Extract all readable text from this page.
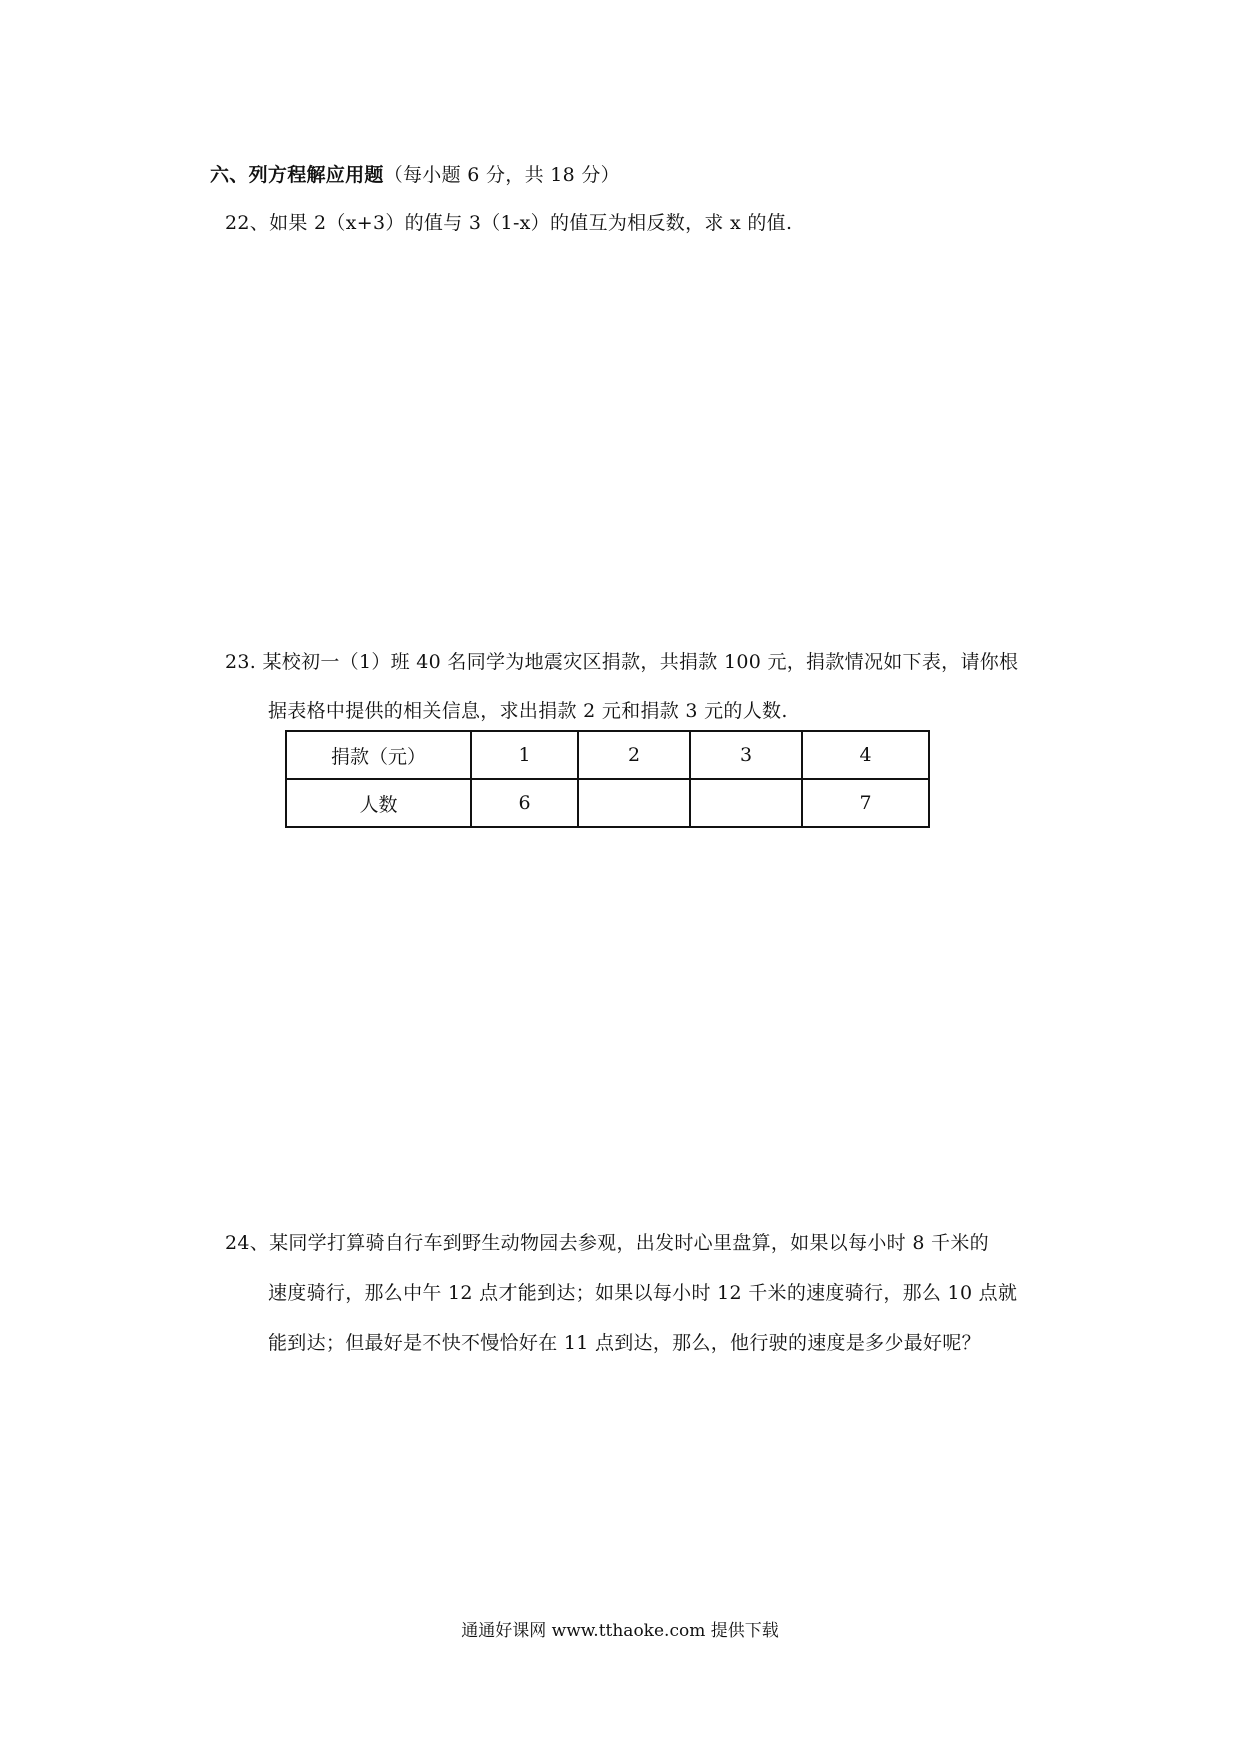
六、列方程解应用题（每小题 6 分，共 18 分）
22、如果 2（x+3）的值与 3（1-x）的值互为相反数，求 x 的值.
23. 某校初一（1）班 40 名同学为地震灾区捐款，共捐款 100 元，捐款情况如下表，请你根
据表格中提供的相关信息，求出捐款 2 元和捐款 3 元的人数.
捐款（元）	1	2	3	4
人数	6			7
24、某同学打算骑自行车到野生动物园去参观，出发时心里盘算，如果以每小时 8 千米的
速度骑行，那么中午 12 点才能到达；如果以每小时 12 千米的速度骑行，那么 10 点就
能到达；但最好是不快不慢恰好在 11 点到达，那么，他行驶的速度是多少最好呢？
通通好课网 www.tthaoke.com 提供下载
